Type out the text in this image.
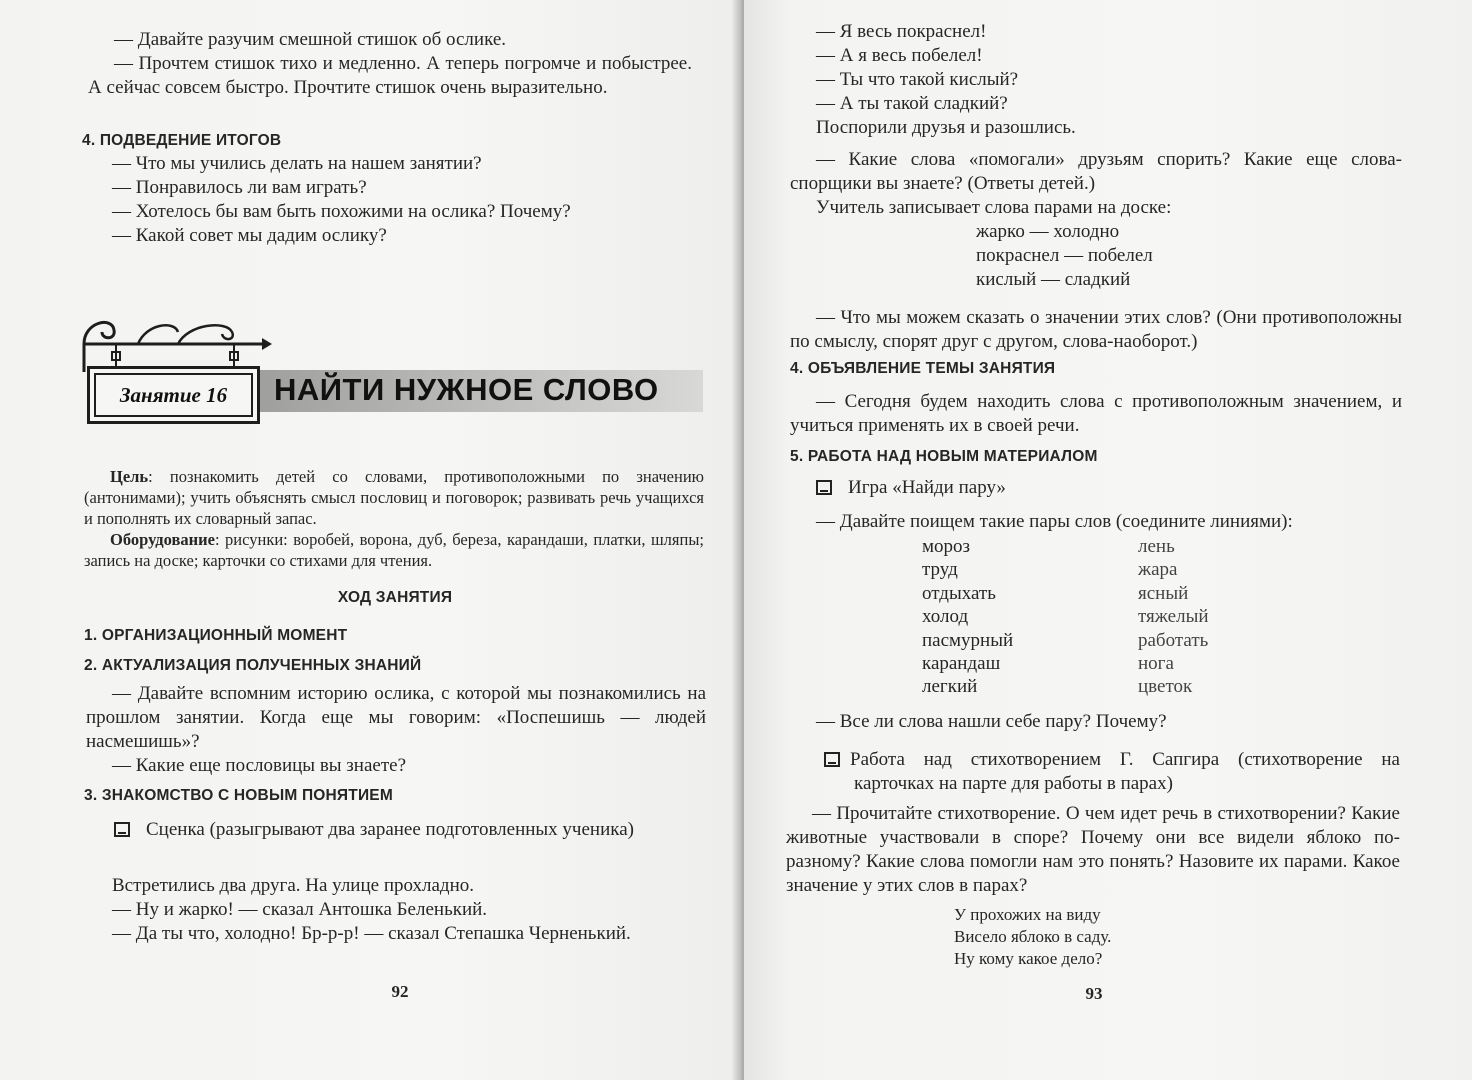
— Давайте разучим смешной стишок об ослике.

— Прочтем стишок тихо и медленно. А теперь погромче и побыстрее. А сейчас совсем быстро. Прочтите стишок очень выразительно.

4. ПОДВЕДЕНИЕ ИТОГОВ

— Что мы учились делать на нашем занятии?

— Понравилось ли вам играть?

— Хотелось бы вам быть похожими на ослика? Почему?

— Какой совет мы дадим ослику?

Занятие 16	НАЙТИ НУЖНОЕ СЛОВО

Цель: познакомить детей со словами, противоположными по значению (антонимами); учить объяснять смысл пословиц и поговорок; развивать речь учащихся и пополнять их словарный запас.

Оборудование: рисунки: воробей, ворона, дуб, береза, карандаши, платки, шляпы; запись на доске; карточки со стихами для чтения.

ХОД ЗАНЯТИЯ

1. ОРГАНИЗАЦИОННЫЙ МОМЕНТ

2. АКТУАЛИЗАЦИЯ ПОЛУЧЕННЫХ ЗНАНИЙ

— Давайте вспомним историю ослика, с которой мы познакомились на прошлом занятии. Когда еще мы говорим: «Поспешишь — людей насмешишь»?

— Какие еще пословицы вы знаете?

3. ЗНАКОМСТВО С НОВЫМ ПОНЯТИЕМ

Сценка (разыгрывают два заранее подготовленных ученика)

Встретились два друга. На улице прохладно.

— Ну и жарко! — сказал Антошка Беленький.

— Да ты что, холодно! Бр-р-р! — сказал Степашка Черненький.

92

— Я весь покраснел!

— А я весь побелел!

— Ты что такой кислый?

— А ты такой сладкий?

Поспорили друзья и разошлись.

— Какие слова «помогали» друзьям спорить? Какие еще слова-спорщики вы знаете? (Ответы детей.)

Учитель записывает слова парами на доске:

жарко — холодно

покраснел — побелел

кислый — сладкий

— Что мы можем сказать о значении этих слов? (Они противоположны по смыслу, спорят друг с другом, слова-наоборот.)

4. ОБЪЯВЛЕНИЕ ТЕМЫ ЗАНЯТИЯ

— Сегодня будем находить слова с противоположным значением, и учиться применять их в своей речи.

5. РАБОТА НАД НОВЫМ МАТЕРИАЛОМ

Игра «Найди пару»

— Давайте поищем такие пары слов (соедините линиями):

— Все ли слова нашли себе пару? Почему?

Работа над стихотворением Г. Сапгира (стихотворение на карточках на парте для работы в парах)

— Прочитайте стихотворение. О чем идет речь в стихотворении? Какие животные участвовали в споре? Почему они все видели яблоко по-разному? Какие слова помогли нам это понять? Назовите их парами. Какое значение у этих слов в парах?

У прохожих на виду

Висело яблоко в саду.

Ну кому какое дело?

93
мороз	лень
труд	жара
отдыхать	ясный
холод	тяжелый
пасмурный	работать
карандаш	нога
легкий	цветок
